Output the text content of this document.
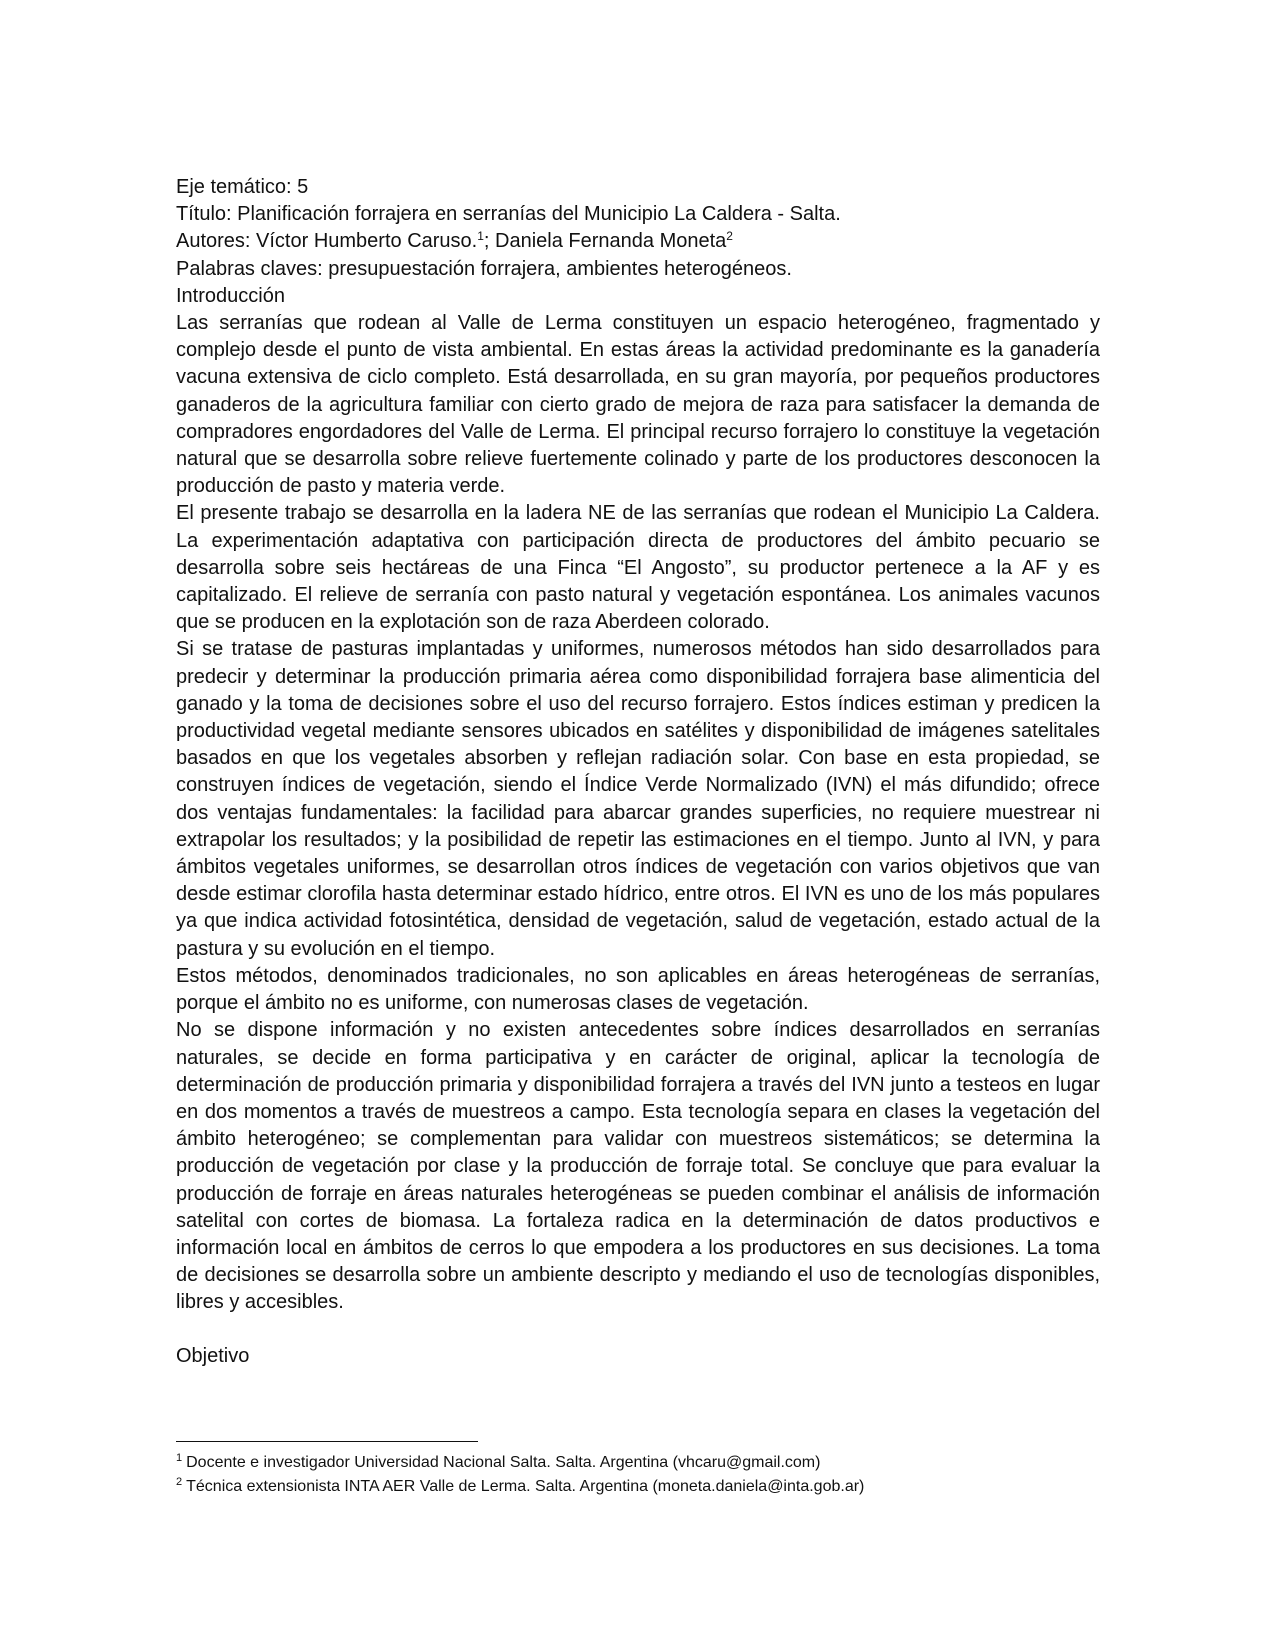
Eje temático: 5

Título: Planificación forrajera en serranías del Municipio La Caldera - Salta.

Autores: Víctor Humberto Caruso.$^1$; Daniela Fernanda Moneta$^2$

Palabras claves: presupuestación forrajera, ambientes heterogéneos.

Introducción

Las serranías que rodean al Valle de Lerma constituyen un espacio heterogéneo, fragmentado y complejo desde el punto de vista ambiental. En estas áreas la actividad predominante es la ganadería vacuna extensiva de ciclo completo. Está desarrollada, en su gran mayoría, por pequeños productores ganaderos de la agricultura familiar con cierto grado de mejora de raza para satisfacer la demanda de compradores engordadores del Valle de Lerma. El principal recurso forrajero lo constituye la vegetación natural que se desarrolla sobre relieve fuertemente colinado y parte de los productores desconocen la producción de pasto y materia verde.

El presente trabajo se desarrolla en la ladera NE de las serranías que rodean el Municipio La Caldera. La experimentación adaptativa con participación directa de productores del ámbito pecuario se desarrolla sobre seis hectáreas de una Finca “El Angosto”, su productor pertenece a la AF y es capitalizado. El relieve de serranía con pasto natural y vegetación espontánea. Los animales vacunos que se producen en la explotación son de raza Aberdeen colorado.

Si se tratase de pasturas implantadas y uniformes, numerosos métodos han sido desarrollados para predecir y determinar la producción primaria aérea como disponibilidad forrajera base alimenticia del ganado y la toma de decisiones sobre el uso del recurso forrajero. Estos índices estiman y predicen la productividad vegetal mediante sensores ubicados en satélites y disponibilidad de imágenes satelitales basados en que los vegetales absorben y reflejan radiación solar. Con base en esta propiedad, se construyen índices de vegetación, siendo el Índice Verde Normalizado (IVN) el más difundido; ofrece dos ventajas fundamentales: la facilidad para abarcar grandes superficies, no requiere muestrear ni extrapolar los resultados; y la posibilidad de repetir las estimaciones en el tiempo. Junto al IVN, y para ámbitos vegetales uniformes, se desarrollan otros índices de vegetación con varios objetivos que van desde estimar clorofila hasta determinar estado hídrico, entre otros. El IVN es uno de los más populares ya que indica actividad fotosintética, densidad de vegetación, salud de vegetación, estado actual de la pastura y su evolución en el tiempo.

Estos métodos, denominados tradicionales, no son aplicables en áreas heterogéneas de serranías, porque el ámbito no es uniforme, con numerosas clases de vegetación.

No se dispone información y no existen antecedentes sobre índices desarrollados en serranías naturales, se decide en forma participativa y en carácter de original, aplicar la tecnología de determinación de producción primaria y disponibilidad forrajera a través del IVN junto a testeos en lugar en dos momentos a través de muestreos a campo. Esta tecnología separa en clases la vegetación del ámbito heterogéneo; se complementan para validar con muestreos sistemáticos; se determina la producción de vegetación por clase y la producción de forraje total. Se concluye que para evaluar la producción de forraje en áreas naturales heterogéneas se pueden combinar el análisis de información satelital con cortes de biomasa. La fortaleza radica en la determinación de datos productivos e información local en ámbitos de cerros lo que empodera a los productores en sus decisiones. La toma de decisiones se desarrolla sobre un ambiente descripto y mediando el uso de tecnologías disponibles, libres y accesibles.

Objetivo

$^1$ Docente e investigador Universidad Nacional Salta. Salta. Argentina (vhcaru@gmail.com)

$^2$ Técnica extensionista INTA AER Valle de Lerma. Salta. Argentina (moneta.daniela@inta.gob.ar)
